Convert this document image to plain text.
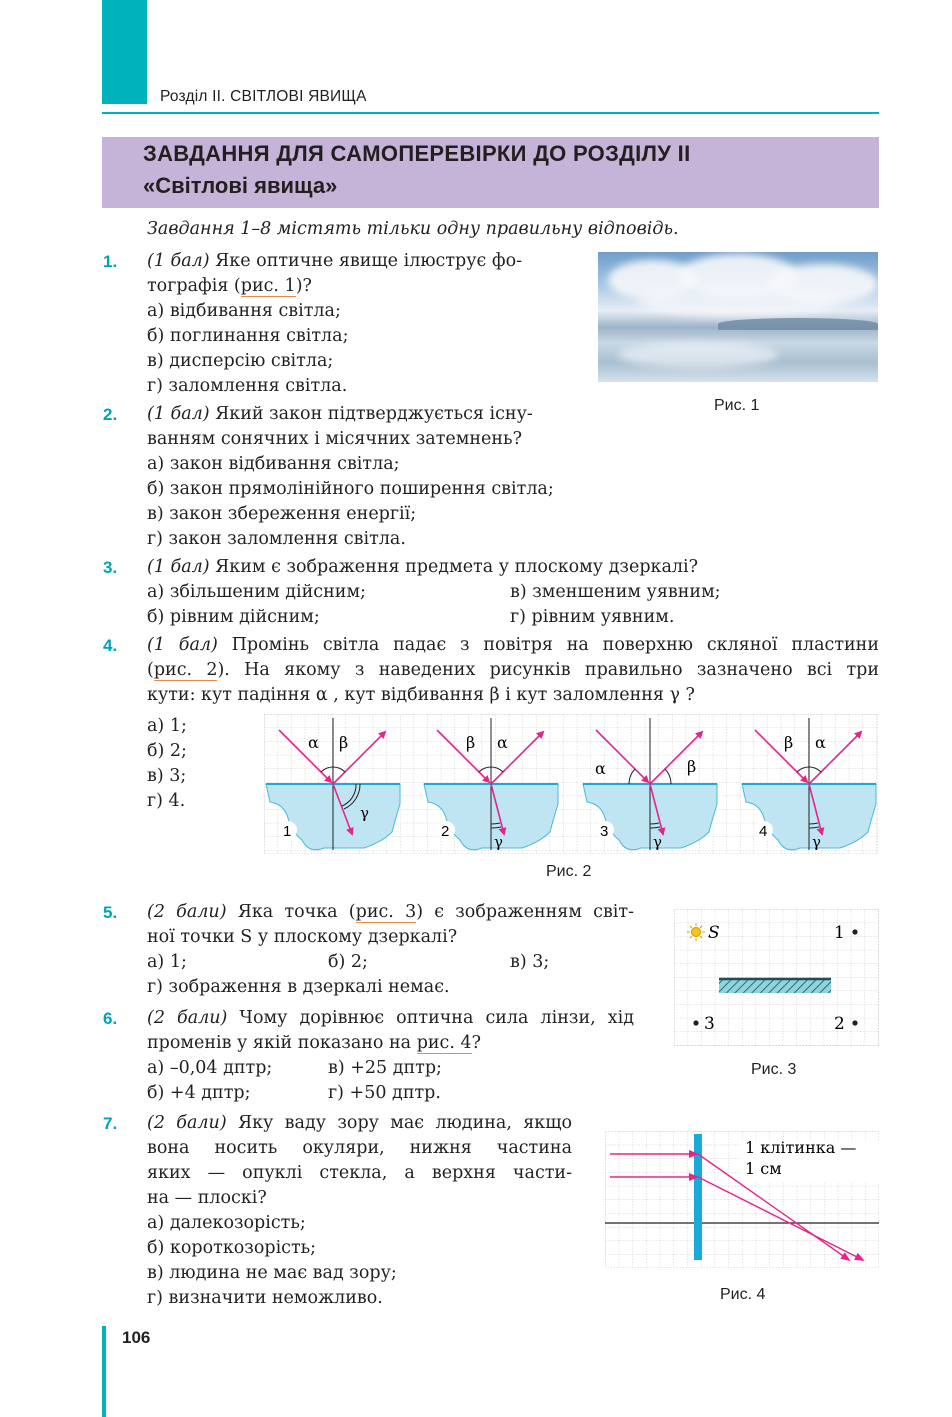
Розділ ІІ. СВІТЛОВІ ЯВИЩА
ЗАВДАННЯ ДЛЯ САМОПЕРЕВІРКИ ДО РОЗДІЛУ ІІ
«Світлові явища»
Завдання 1–8 містять тільки одну правильну відповідь.
1. (1 бал) Яке оптичне явище ілюструє фо-
тографія (рис. 1)?
а) відбивання світла;
б) поглинання світла;
в) дисперсію світла;
г) заломлення світла.
Рис. 1
2. (1 бал) Який закон підтверджується існу-
ванням сонячних і місячних затемнень?
а) закон відбивання світла;
б) закон прямолінійного поширення світла;
в) закон збереження енергії;
г) закон заломлення світла.
3. (1 бал) Яким є зображення предмета у плоскому дзеркалі?
а) збільшеним дійсним;	в) зменшеним уявним;
б) рівним дійсним;	г) рівним уявним.
4. (1 бал) Промінь світла падає з повітря на поверхню скляної пластини
(рис. 2). На якому з наведених рисунків правильно зазначено всі три
кути: кут падіння α , кут відбивання β і кут заломлення γ ?
а) 1;
б) 2;
в) 3;
г) 4.
α β
γ
1
β α
γ
2
α	β
γ
3
β α
γ
4
Рис. 2
5. (2 бали) Яка точка (рис. 3) є зображенням світ-
ної точки S у плоскому дзеркалі?
а) 1;	б) 2;	в) 3;
г) зображення в дзеркалі немає.
S	1
3	2
Рис. 3
6. (2 бали) Чому дорівнює оптична сила лінзи, хід
променів у якій показано на рис. 4?
а) –0,04 дптр;	в) +25 дптр;
б) +4 дптр;	г) +50 дптр.
7. (2 бали) Яку ваду зору має людина, якщо
вона носить окуляри, нижня частина
яких — опуклі стекла, а верхня части-
на — плоскі?
а) далекозорість;
б) короткозорість;
в) людина не має вад зору;
г) визначити неможливо.
1 клітинка —
1 см
Рис. 4
106
